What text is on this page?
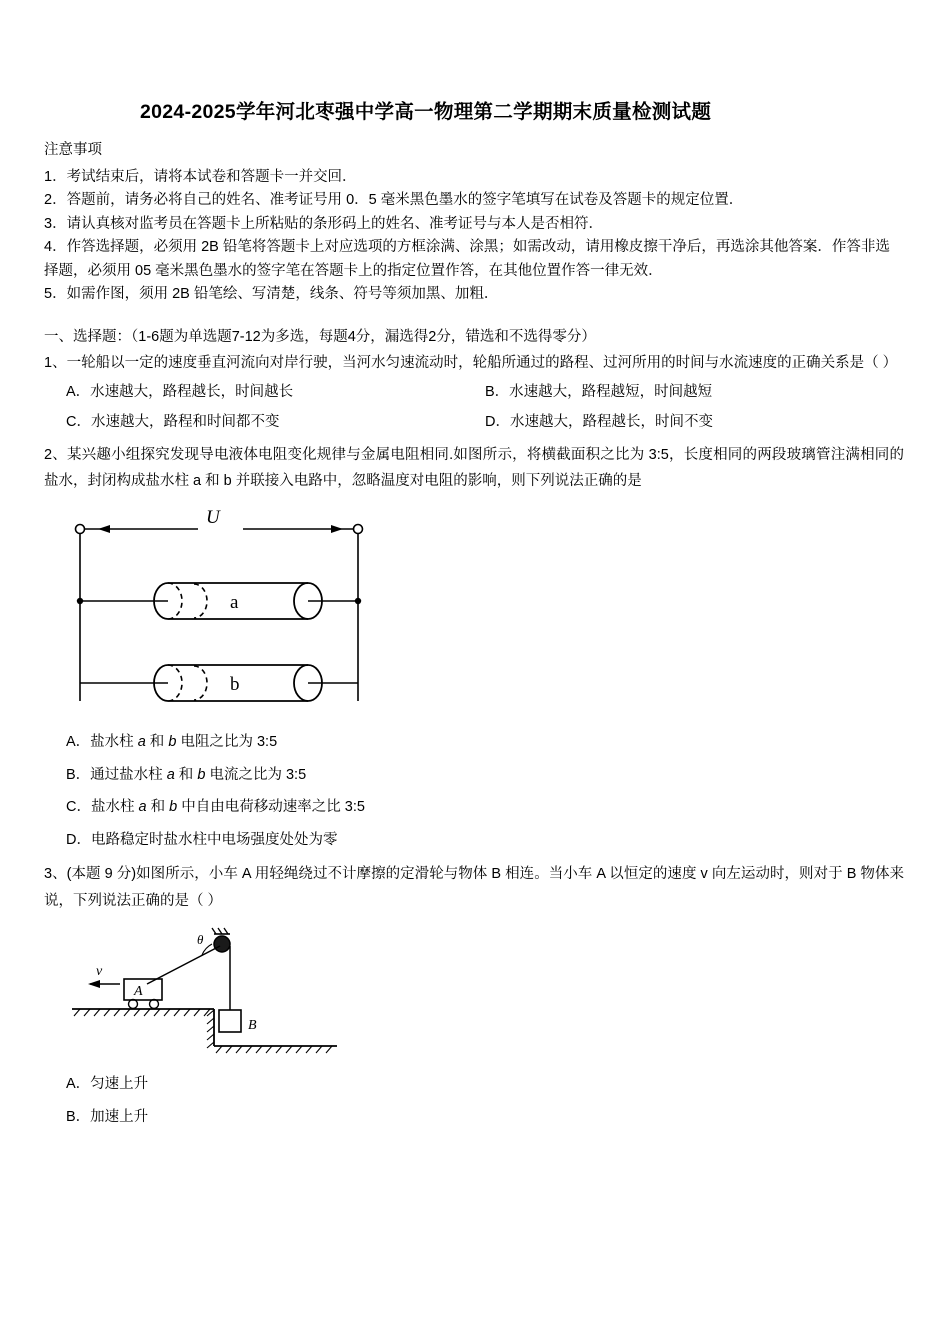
2024-2025学年河北枣强中学高一物理第二学期期末质量检测试题
注意事项

1．考试结束后，请将本试卷和答题卡一并交回．

2．答题前，请务必将自己的姓名、准考证号用 0．5 毫米黑色墨水的签字笔填写在试卷及答题卡的规定位置．

3．请认真核对监考员在答题卡上所粘贴的条形码上的姓名、准考证号与本人是否相符．

4．作答选择题，必须用 2B 铅笔将答题卡上对应选项的方框涂满、涂黑；如需改动，请用橡皮擦干净后，再选涂其他答案．作答非选择题，必须用 05 毫米黑色墨水的签字笔在答题卡上的指定位置作答，在其他位置作答一律无效．

5．如需作图，须用 2B 铅笔绘、写清楚，线条、符号等须加黑、加粗．

一、选择题：（1-6题为单选题7-12为多选，每题4分，漏选得2分，错选和不选得零分）

1、一轮船以一定的速度垂直河流向对岸行驶，当河水匀速流动时，轮船所通过的路程、过河所用的时间与水流速度的正确关系是（ ）

A．水速越大，路程越长，时间越长	B．水速越大，路程越短，时间越短
C．水速越大，路程和时间都不变	D．水速越大，路程越长，时间不变

2、某兴趣小组探究发现导电液体电阻变化规律与金属电阻相同.如图所示，将横截面积之比为 3:5，长度相同的两段玻璃管注满相同的盐水，封闭构成盐水柱 a 和 b 并联接入电路中，忽略温度对电阻的影响，则下列说法正确的是

U
a
b
A．盐水柱 a 和 b 电阻之比为 3:5
B．通过盐水柱 a 和 b 电流之比为 3:5
C．盐水柱 a 和 b 中自由电荷移动速率之比 3:5
D．电路稳定时盐水柱中电场强度处处为零

3、(本题 9 分)如图所示，小车 A 用轻绳绕过不计摩擦的定滑轮与物体 B 相连。当小车 A 以恒定的速度 v 向左运动时，则对于 B 物体来说，下列说法正确的是（ ）

θ
A
v
B
A．匀速上升
B．加速上升
